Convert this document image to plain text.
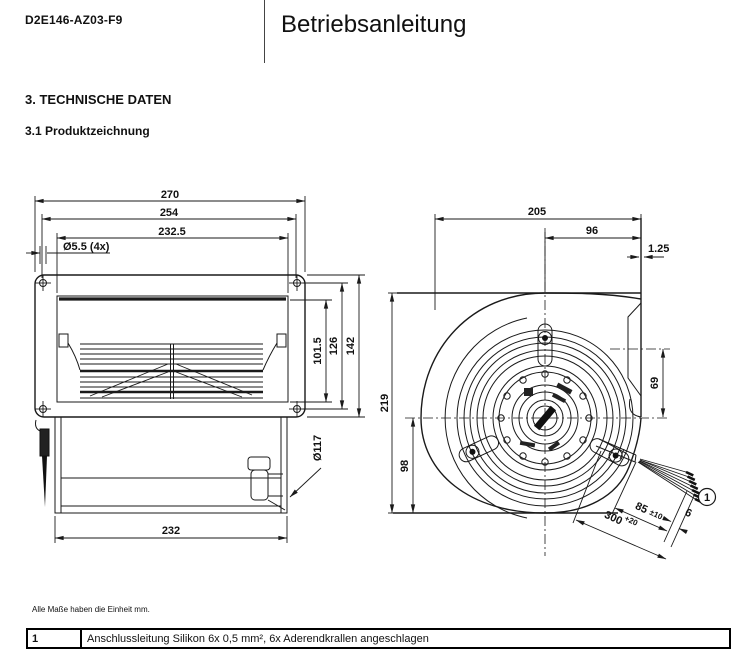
270
254
232.5
Ø5.5 (4x)
101.5 126 142
Ø117
232
205
96
1.25
219
98
69
85
±10 6
300
+20
1
D2E146-AZ03-F9	Betriebsanleitung
3. TECHNISCHE DATEN
3.1 Produktzeichnung
Alle Maße haben die Einheit mm.
1	Anschlussleitung Silikon 6x 0,5 mm², 6x Aderendkrallen angeschlagen
